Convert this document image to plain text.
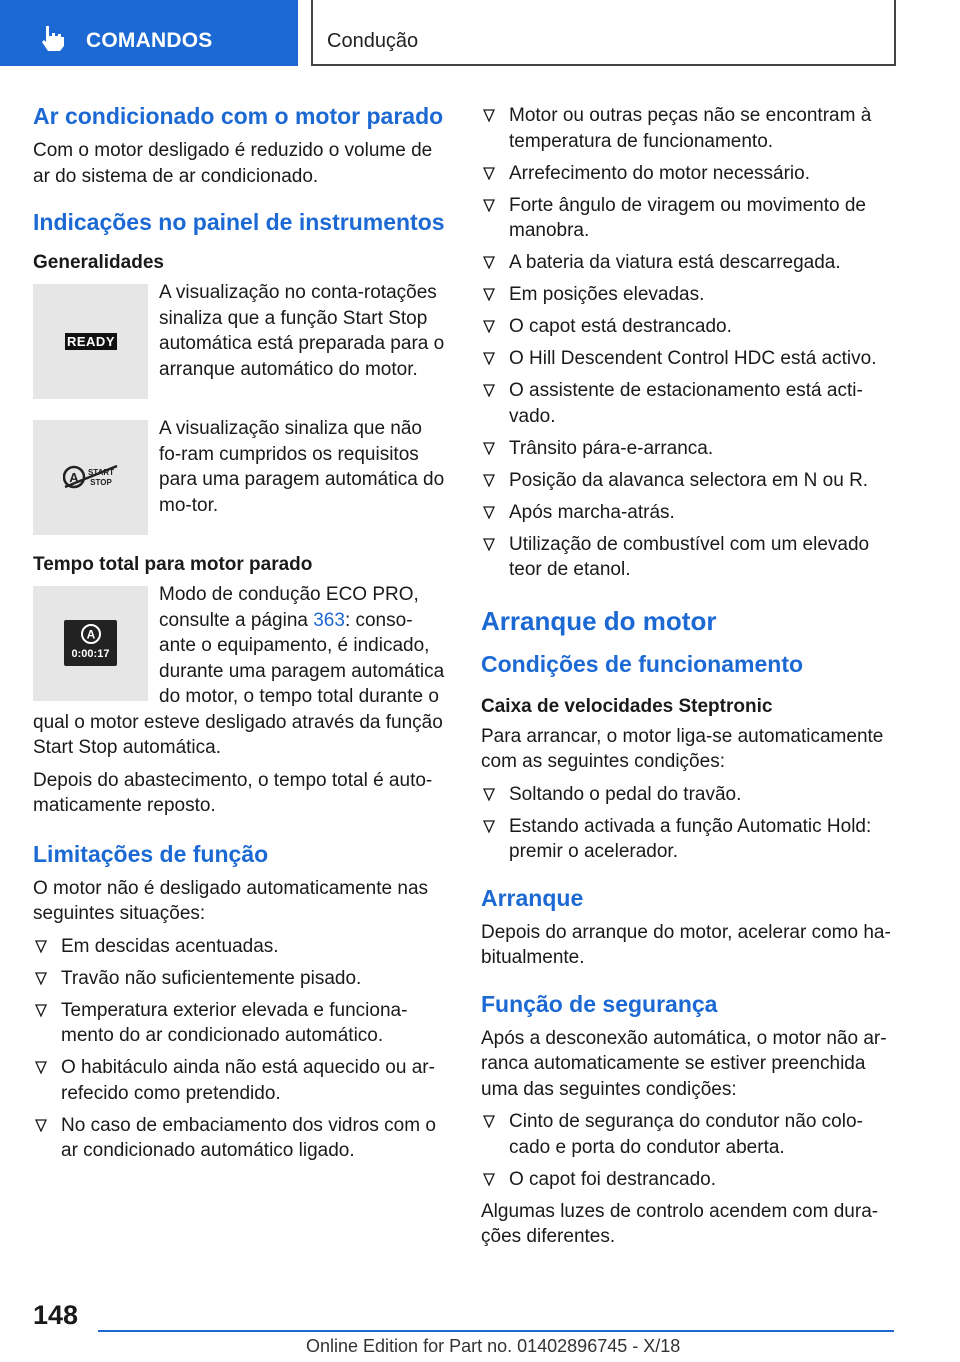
COMANDOS	Condução
Ar condicionado com o motor parado

Com o motor desligado é reduzido o volume de ar do sistema de ar condicionado.

Indicações no painel de instrumentos
Generalidades
READY
A visualização no conta-rotações sinaliza que a função Start Stop automática está preparada para o arranque automático do motor.
A START
STOP
A visualização sinaliza que não fo-ram cumpridos os requisitos para uma paragem automática do mo-tor.
Tempo total para motor parado
A
0:00:17

Modo de condução ECO PRO, consulte a página 363: conso-ante o equipamento, é indicado, durante uma paragem automática do motor, o tempo total durante o qual o motor esteve desligado através da função Start Stop automática.

Depois do abastecimento, o tempo total é auto-maticamente reposto.

Limitações de função

O motor não é desligado automaticamente nas seguintes situações:

Em descidas acentuadas.
Travão não suficientemente pisado.
Temperatura exterior elevada e funciona-mento do ar condicionado automático.
O habitáculo ainda não está aquecido ou ar-refecido como pretendido.
No caso de embaciamento dos vidros com o ar condicionado automático ligado.
Motor ou outras peças não se encontram à temperatura de funcionamento.
Arrefecimento do motor necessário.
Forte ângulo de viragem ou movimento de manobra.
A bateria da viatura está descarregada.
Em posições elevadas.
O capot está destrancado.
O Hill Descendent Control HDC está activo.
O assistente de estacionamento está acti-vado.
Trânsito pára-e-arranca.
Posição da alavanca selectora em N ou R.
Após marcha-atrás.
Utilização de combustível com um elevado teor de etanol.
Arranque do motor
Condições de funcionamento
Caixa de velocidades Steptronic

Para arrancar, o motor liga-se automaticamente com as seguintes condições:

Soltando o pedal do travão.
Estando activada a função Automatic Hold: premir o acelerador.
Arranque

Depois do arranque do motor, acelerar como ha-bitualmente.

Função de segurança

Após a desconexão automática, o motor não ar-ranca automaticamente se estiver preenchida uma das seguintes condições:

Cinto de segurança do condutor não colo-cado e porta do condutor aberta.
O capot foi destrancado.

Algumas luzes de controlo acendem com dura-ções diferentes.

148
Online Edition for Part no. 01402896745 - X/18
